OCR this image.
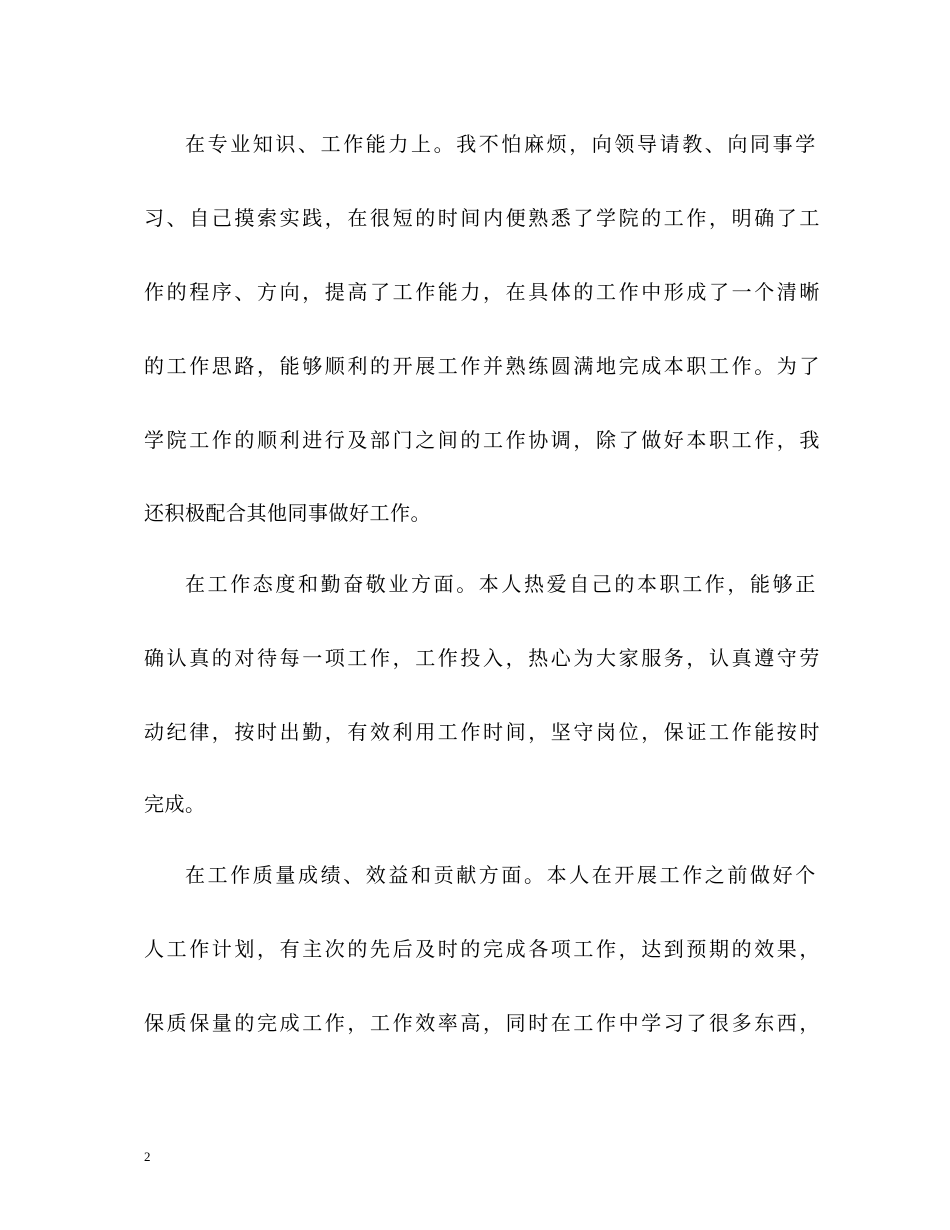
在专业知识、工作能力上。我不怕麻烦，向领导请教、向同事学
习、自己摸索实践，在很短的时间内便熟悉了学院的工作，明确了工
作的程序、方向，提高了工作能力，在具体的工作中形成了一个清晰
的工作思路，能够顺利的开展工作并熟练圆满地完成本职工作。为了
学院工作的顺利进行及部门之间的工作协调，除了做好本职工作，我
还积极配合其他同事做好工作。
在工作态度和勤奋敬业方面。本人热爱自己的本职工作，能够正
确认真的对待每一项工作，工作投入，热心为大家服务，认真遵守劳
动纪律，按时出勤，有效利用工作时间，坚守岗位，保证工作能按时
完成。
在工作质量成绩、效益和贡献方面。本人在开展工作之前做好个
人工作计划，有主次的先后及时的完成各项工作，达到预期的效果，
保质保量的完成工作，工作效率高，同时在工作中学习了很多东西，
2
